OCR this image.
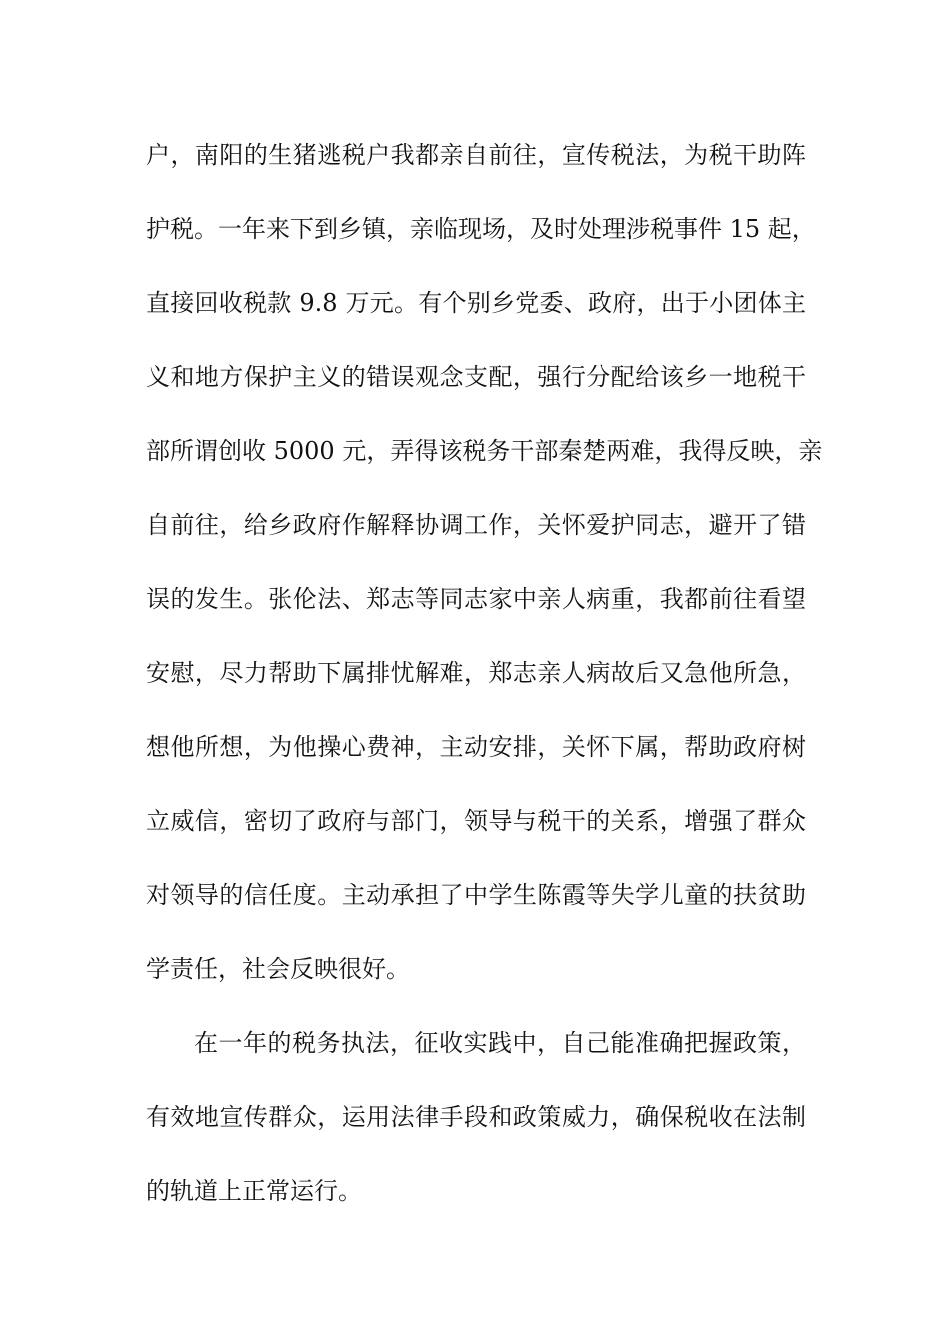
户，南阳的生猪逃税户我都亲自前往，宣传税法，为税干助阵
护税。一年来下到乡镇，亲临现场，及时处理涉税事件 15 起，
直接回收税款 9.8 万元。有个别乡党委、政府，出于小团体主
义和地方保护主义的错误观念支配，强行分配给该乡一地税干
部所谓创收 5000 元，弄得该税务干部秦楚两难，我得反映，亲
自前往，给乡政府作解释协调工作，关怀爱护同志，避开了错
误的发生。张伦法、郑志等同志家中亲人病重，我都前往看望
安慰，尽力帮助下属排忧解难，郑志亲人病故后又急他所急，
想他所想，为他操心费神，主动安排，关怀下属，帮助政府树
立威信，密切了政府与部门，领导与税干的关系，增强了群众
对领导的信任度。主动承担了中学生陈霞等失学儿童的扶贫助
学责任，社会反映很好。
在一年的税务执法，征收实践中，自己能准确把握政策，
有效地宣传群众，运用法律手段和政策威力，确保税收在法制
的轨道上正常运行。
